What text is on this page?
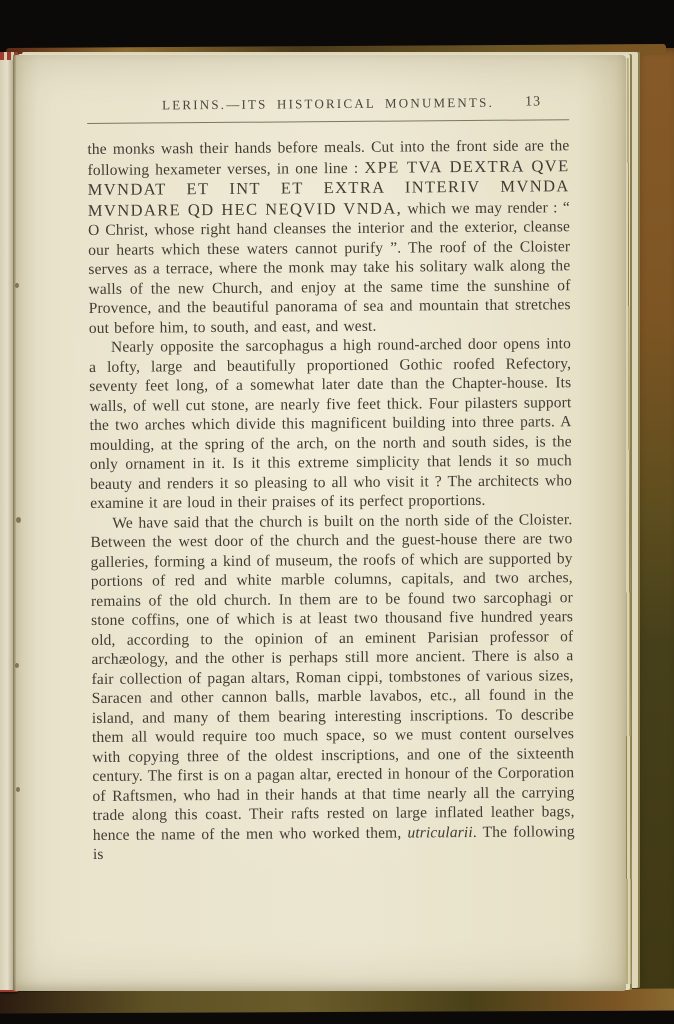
LERINS.—ITS HISTORICAL MONUMENTS.	13

the monks wash their hands before meals. Cut into the front side are the following hexameter verses, in one line : XPE TVA DEXTRA QVE MVNDAT ET INT ET EXTRA INTERIV MVNDA MVNDARE QD HEC NEQVID VNDA, which we may render : “ O Christ, whose right hand cleanses the interior and the exterior, cleanse our hearts which these waters cannot purify ”. The roof of the Cloister serves as a terrace, where the monk may take his solitary walk along the walls of the new Church, and enjoy at the same time the sunshine of Provence, and the beautiful panorama of sea and mountain that stretches out before him, to south, and east, and west.

Nearly opposite the sarcophagus a high round-arched door opens into a lofty, large and beautifully proportioned Gothic roofed Refectory, seventy feet long, of a somewhat later date than the Chapter-house. Its walls, of well cut stone, are nearly five feet thick. Four pilasters support the two arches which divide this magnificent building into three parts. A moulding, at the spring of the arch, on the north and south sides, is the only ornament in it. Is it this extreme simplicity that lends it so much beauty and renders it so pleasing to all who visit it ? The architects who examine it are loud in their praises of its perfect proportions.

We have said that the church is built on the north side of the Cloister. Between the west door of the church and the guest-house there are two galleries, forming a kind of museum, the roofs of which are supported by portions of red and white marble columns, capitals, and two arches, remains of the old church. In them are to be found two sarcophagi or stone coffins, one of which is at least two thousand five hundred years old, according to the opinion of an eminent Parisian professor of archæology, and the other is perhaps still more ancient. There is also a fair collection of pagan altars, Roman cippi, tombstones of various sizes, Saracen and other cannon balls, marble lavabos, etc., all found in the island, and many of them bearing interesting inscriptions. To describe them all would require too much space, so we must content ourselves with copying three of the oldest inscriptions, and one of the sixteenth century. The first is on a pagan altar, erected in honour of the Corporation of Raftsmen, who had in their hands at that time nearly all the carrying trade along this coast. Their rafts rested on large inflated leather bags, hence the name of the men who worked them, utricularii. The following is
